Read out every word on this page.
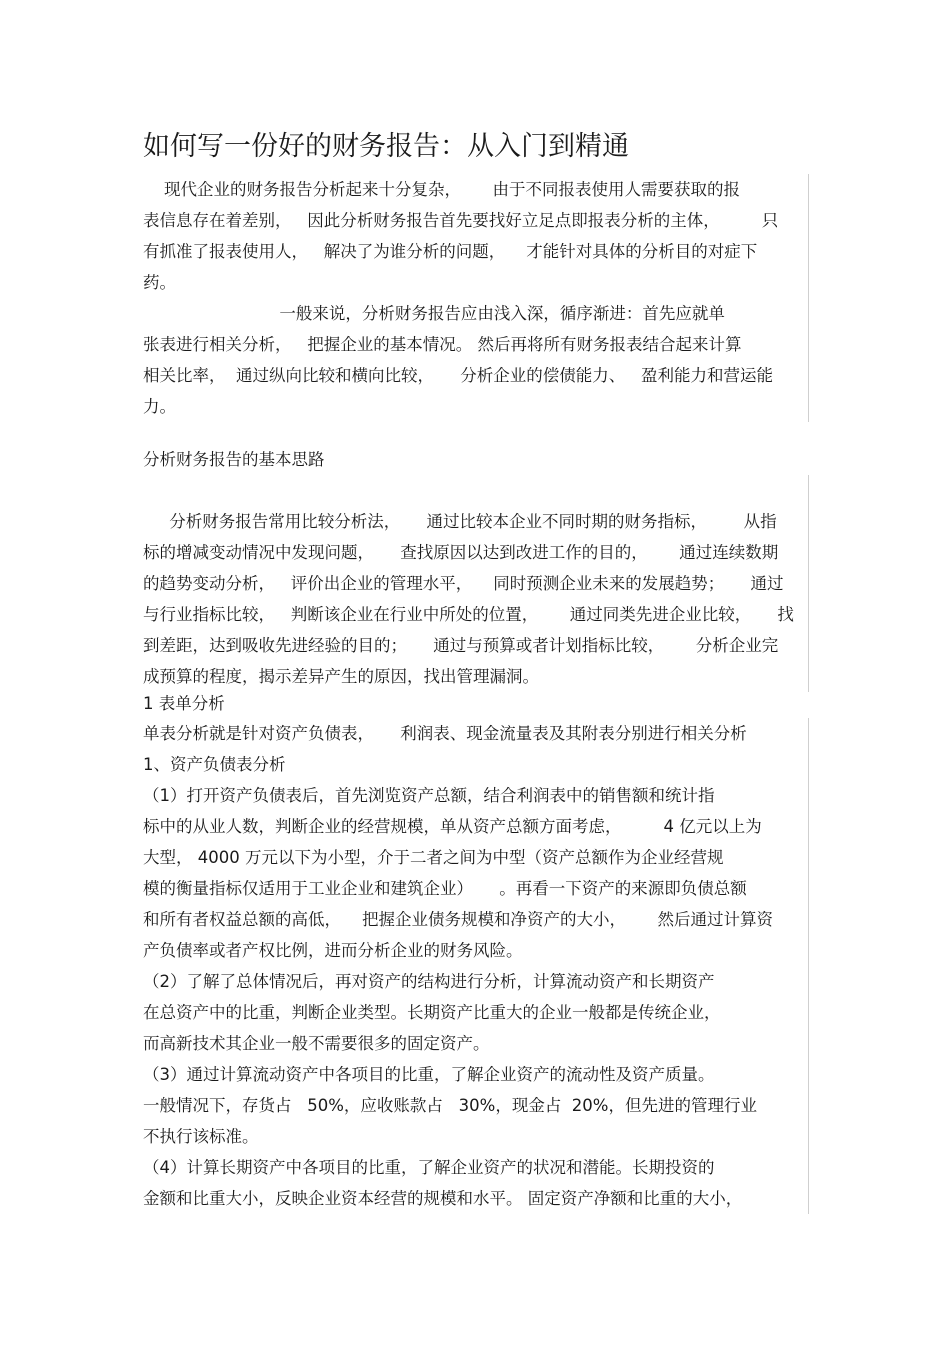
如何写一份好的财务报告：从入门到精通
现代企业的财务报告分析起来十分复杂，      由于不同报表使用人需要获取的报
表信息存在着差别，   因此分析财务报告首先要找好立足点即报表分析的主体，        只
有抓准了报表使用人，   解决了为谁分析的问题，    才能针对具体的分析目的对症下
药。
一般来说，分析财务报告应由浅入深，循序渐进：首先应就单
张表进行相关分析，   把握企业的基本情况。 然后再将所有财务报表结合起来计算
相关比率，  通过纵向比较和横向比较，     分析企业的偿债能力、   盈利能力和营运能
力。
分析财务报告的基本思路
分析财务报告常用比较分析法，     通过比较本企业不同时期的财务指标，       从指
标的增减变动情况中发现问题，     查找原因以达到改进工作的目的，      通过连续数期
的趋势变动分析，   评价出企业的管理水平，    同时预测企业未来的发展趋势；     通过
与行业指标比较，   判断该企业在行业中所处的位置，      通过同类先进企业比较，     找
到差距，达到吸收先进经验的目的；     通过与预算或者计划指标比较，      分析企业完
成预算的程度，揭示差异产生的原因，找出管理漏洞。
1 表单分析
单表分析就是针对资产负债表，     利润表、现金流量表及其附表分别进行相关分析
1、资产负债表分析
（1）打开资产负债表后，首先浏览资产总额，结合利润表中的销售额和统计指
标中的从业人数，判断企业的经营规模，单从资产总额方面考虑，        4 亿元以上为
大型， 4000 万元以下为小型，介于二者之间为中型（资产总额作为企业经营规
模的衡量指标仅适用于工业企业和建筑企业）     。再看一下资产的来源即负债总额
和所有者权益总额的高低，    把握企业债务规模和净资产的大小，      然后通过计算资
产负债率或者产权比例，进而分析企业的财务风险。
（2）了解了总体情况后，再对资产的结构进行分析，计算流动资产和长期资产
在总资产中的比重，判断企业类型。长期资产比重大的企业一般都是传统企业，
而高新技术其企业一般不需要很多的固定资产。
（3）通过计算流动资产中各项目的比重，了解企业资产的流动性及资产质量。
一般情况下，存货占   50%，应收账款占   30%，现金占  20%，但先进的管理行业
不执行该标准。
（4）计算长期资产中各项目的比重，了解企业资产的状况和潜能。长期投资的
金额和比重大小，反映企业资本经营的规模和水平。 固定资产净额和比重的大小，
